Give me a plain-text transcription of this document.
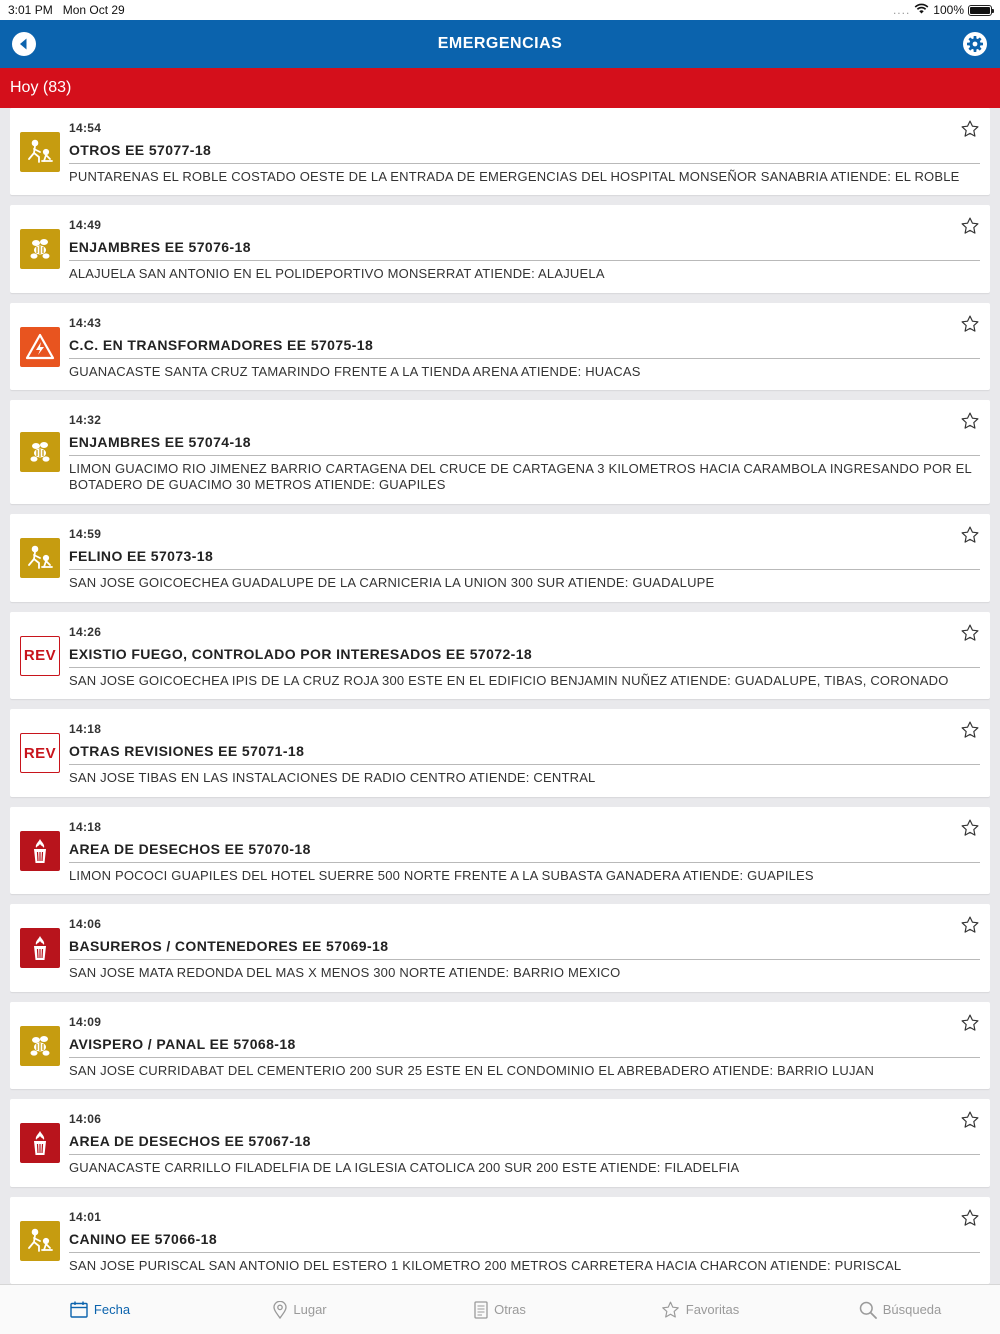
3:01 PM Mon Oct 29	.... 100%
EMERGENCIAS
Hoy (83)
14:54
OTROS EE 57077-18
PUNTARENAS EL ROBLE COSTADO OESTE DE LA ENTRADA DE EMERGENCIAS DEL HOSPITAL MONSEÑOR SANABRIA ATIENDE: EL ROBLE
14:49
ENJAMBRES EE 57076-18
ALAJUELA SAN ANTONIO EN EL POLIDEPORTIVO MONSERRAT ATIENDE: ALAJUELA
14:43
C.C. EN TRANSFORMADORES EE 57075-18
GUANACASTE SANTA CRUZ TAMARINDO FRENTE A LA TIENDA ARENA ATIENDE: HUACAS
14:32
ENJAMBRES EE 57074-18
LIMON GUACIMO RIO JIMENEZ BARRIO CARTAGENA DEL CRUCE DE CARTAGENA 3 KILOMETROS HACIA CARAMBOLA INGRESANDO POR EL BOTADERO DE GUACIMO 30 METROS ATIENDE: GUAPILES
14:59
FELINO EE 57073-18
SAN JOSE GOICOECHEA GUADALUPE DE LA CARNICERIA LA UNION 300 SUR ATIENDE: GUADALUPE
REV
14:26
EXISTIO FUEGO, CONTROLADO POR INTERESADOS EE 57072-18
SAN JOSE GOICOECHEA IPIS DE LA CRUZ ROJA 300 ESTE EN EL EDIFICIO BENJAMIN NUÑEZ ATIENDE: GUADALUPE, TIBAS, CORONADO
REV
14:18
OTRAS REVISIONES EE 57071-18
SAN JOSE TIBAS EN LAS INSTALACIONES DE RADIO CENTRO ATIENDE: CENTRAL
14:18
AREA DE DESECHOS EE 57070-18
LIMON POCOCI GUAPILES DEL HOTEL SUERRE 500 NORTE FRENTE A LA SUBASTA GANADERA ATIENDE: GUAPILES
14:06
BASUREROS / CONTENEDORES EE 57069-18
SAN JOSE MATA REDONDA DEL MAS X MENOS 300 NORTE ATIENDE: BARRIO MEXICO
14:09
AVISPERO / PANAL EE 57068-18
SAN JOSE CURRIDABAT DEL CEMENTERIO 200 SUR 25 ESTE EN EL CONDOMINIO EL ABREBADERO ATIENDE: BARRIO LUJAN
14:06
AREA DE DESECHOS EE 57067-18
GUANACASTE CARRILLO FILADELFIA DE LA IGLESIA CATOLICA 200 SUR 200 ESTE ATIENDE: FILADELFIA
14:01
CANINO EE 57066-18
SAN JOSE PURISCAL SAN ANTONIO DEL ESTERO 1 KILOMETRO 200 METROS CARRETERA HACIA CHARCON ATIENDE: PURISCAL
Fecha	Lugar	Otras	Favoritas	Búsqueda
